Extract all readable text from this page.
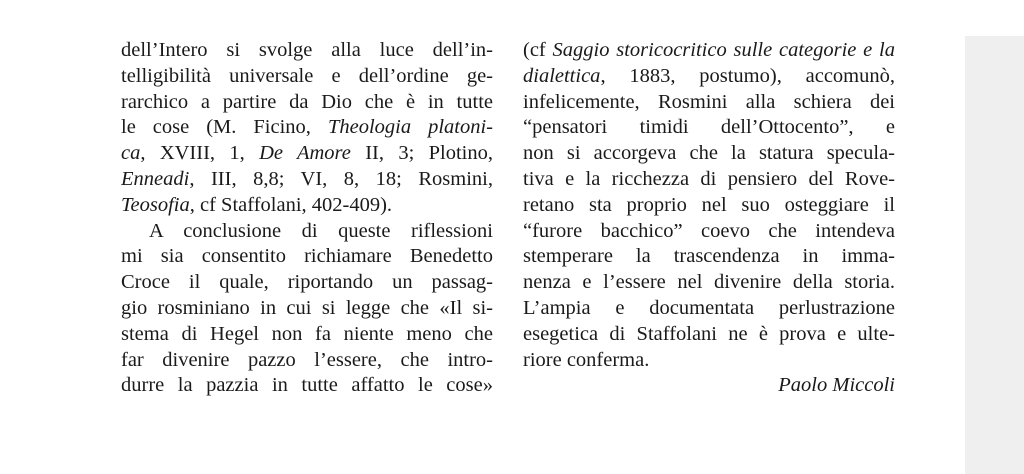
dell’Intero si svolge alla luce dell’in-
telligibilità universale e dell’ordine ge-
rarchico a partire da Dio che è in tutte
le cose (M. Ficino, Theologia platoni-
ca, XVIII, 1, De Amore II, 3; Plotino,
Enneadi, III, 8,8; VI, 8, 18; Rosmini,
Teosofia, cf Staffolani, 402-409).
A conclusione di queste riflessioni
mi sia consentito richiamare Benedetto
Croce il quale, riportando un passag-
gio rosminiano in cui si legge che «Il si-
stema di Hegel non fa niente meno che
far divenire pazzo l’essere, che intro-
durre la pazzia in tutte affatto le cose»
(cf Saggio storicocritico sulle categorie e la
dialettica, 1883, postumo), accomunò,
infelicemente, Rosmini alla schiera dei
“pensatori timidi dell’Ottocento”, e
non si accorgeva che la statura specula-
tiva e la ricchezza di pensiero del Rove-
retano sta proprio nel suo osteggiare il
“furore bacchico” coevo che intendeva
stemperare la trascendenza in imma-
nenza e l’essere nel divenire della storia.
L’ampia e documentata perlustrazione
esegetica di Staffolani ne è prova e ulte-
riore conferma.
Paolo Miccoli
